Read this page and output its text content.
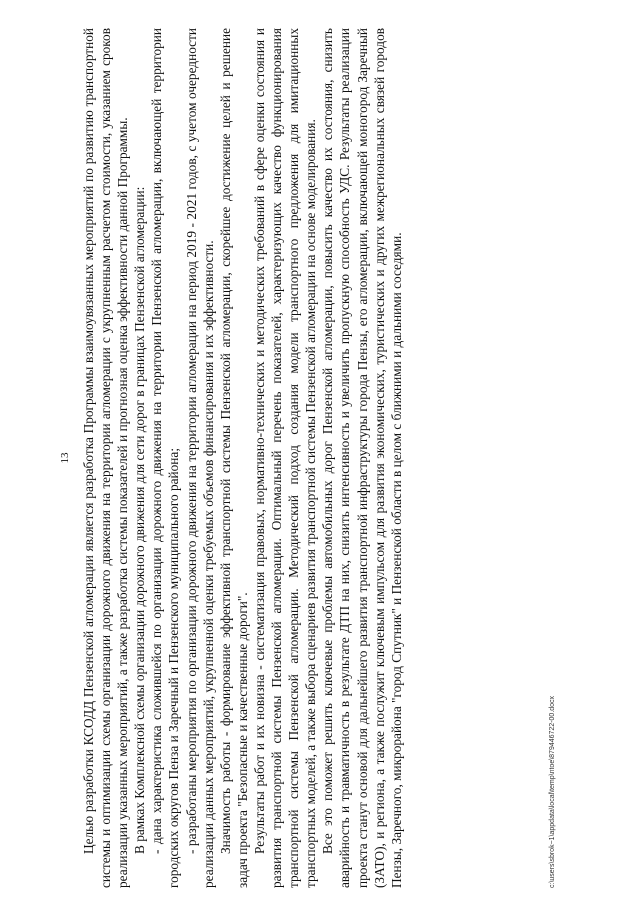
13 Целью разработки КСОДД Пензенской агломерации является разработка Программы взаимоувязанных мероприятий по развитию транспортной системы и оптимизации схемы организации дорожного движения на территории агломерации с укрупненным расчетом стоимости, указанием сроков реализации указанных мероприятий, а также разработка системы показателей и прогнозная оценка эффективности данной Программы. В рамках Комплексной схемы организации дорожного движения для сети дорог в границах Пензенской агломерации: - дана характеристика сложившейся по организации дорожного движения на территории Пензенской агломерации, включающей территории городских округов Пенза и Заречный и Пензенского муниципального района; - разработаны мероприятия по организации дорожного движения на территории агломерации на период 2019 - 2021 годов, с учетом очередности реализации данных мероприятий, укрупненной оценки требуемых объемов финансирования и их эффективности. Значимость работы - формирование эффективной транспортной системы Пензенской агломерации, скорейшее достижение целей и решение задач проекта "Безопасные и качественные дороги". Результаты работ и их новизна - систематизация правовых, нормативно-технических и методических требований в сфере оценки состояния и развития транспортной системы Пензенской агломерации. Оптимальный перечень показателей, характеризующих качество функционирования транспортной системы Пензенской агломерации. Методический подход создания модели транспортного предложения для имитационных транспортных моделей, а также выбора сценариев развития транспортной системы Пензенской агломерации на основе моделирования. Все это поможет решить ключевые проблемы автомобильных дорог Пензенской агломерации, повысить качество их состояния, снизить аварийность и травматичность в результате ДТП на них, снизить интенсивность и увеличить пропускную способность УДС. Результаты реализации проекта станут основой для дальнейшего развития транспортной инфраструктуры города Пензы, его агломерации, включающей моногород Заречный (ЗАТО), и региона, а также послужит ключевым импульсом для развития экономических, туристических и других межрегиональных связей городов Пензы, Заречного, микрорайона "город Спутник" и Пензенской области в целом с ближними и дальними соседями.	c:\users\sbrok~1\appdata\local\temp\ntoe\879446722-00.docx
